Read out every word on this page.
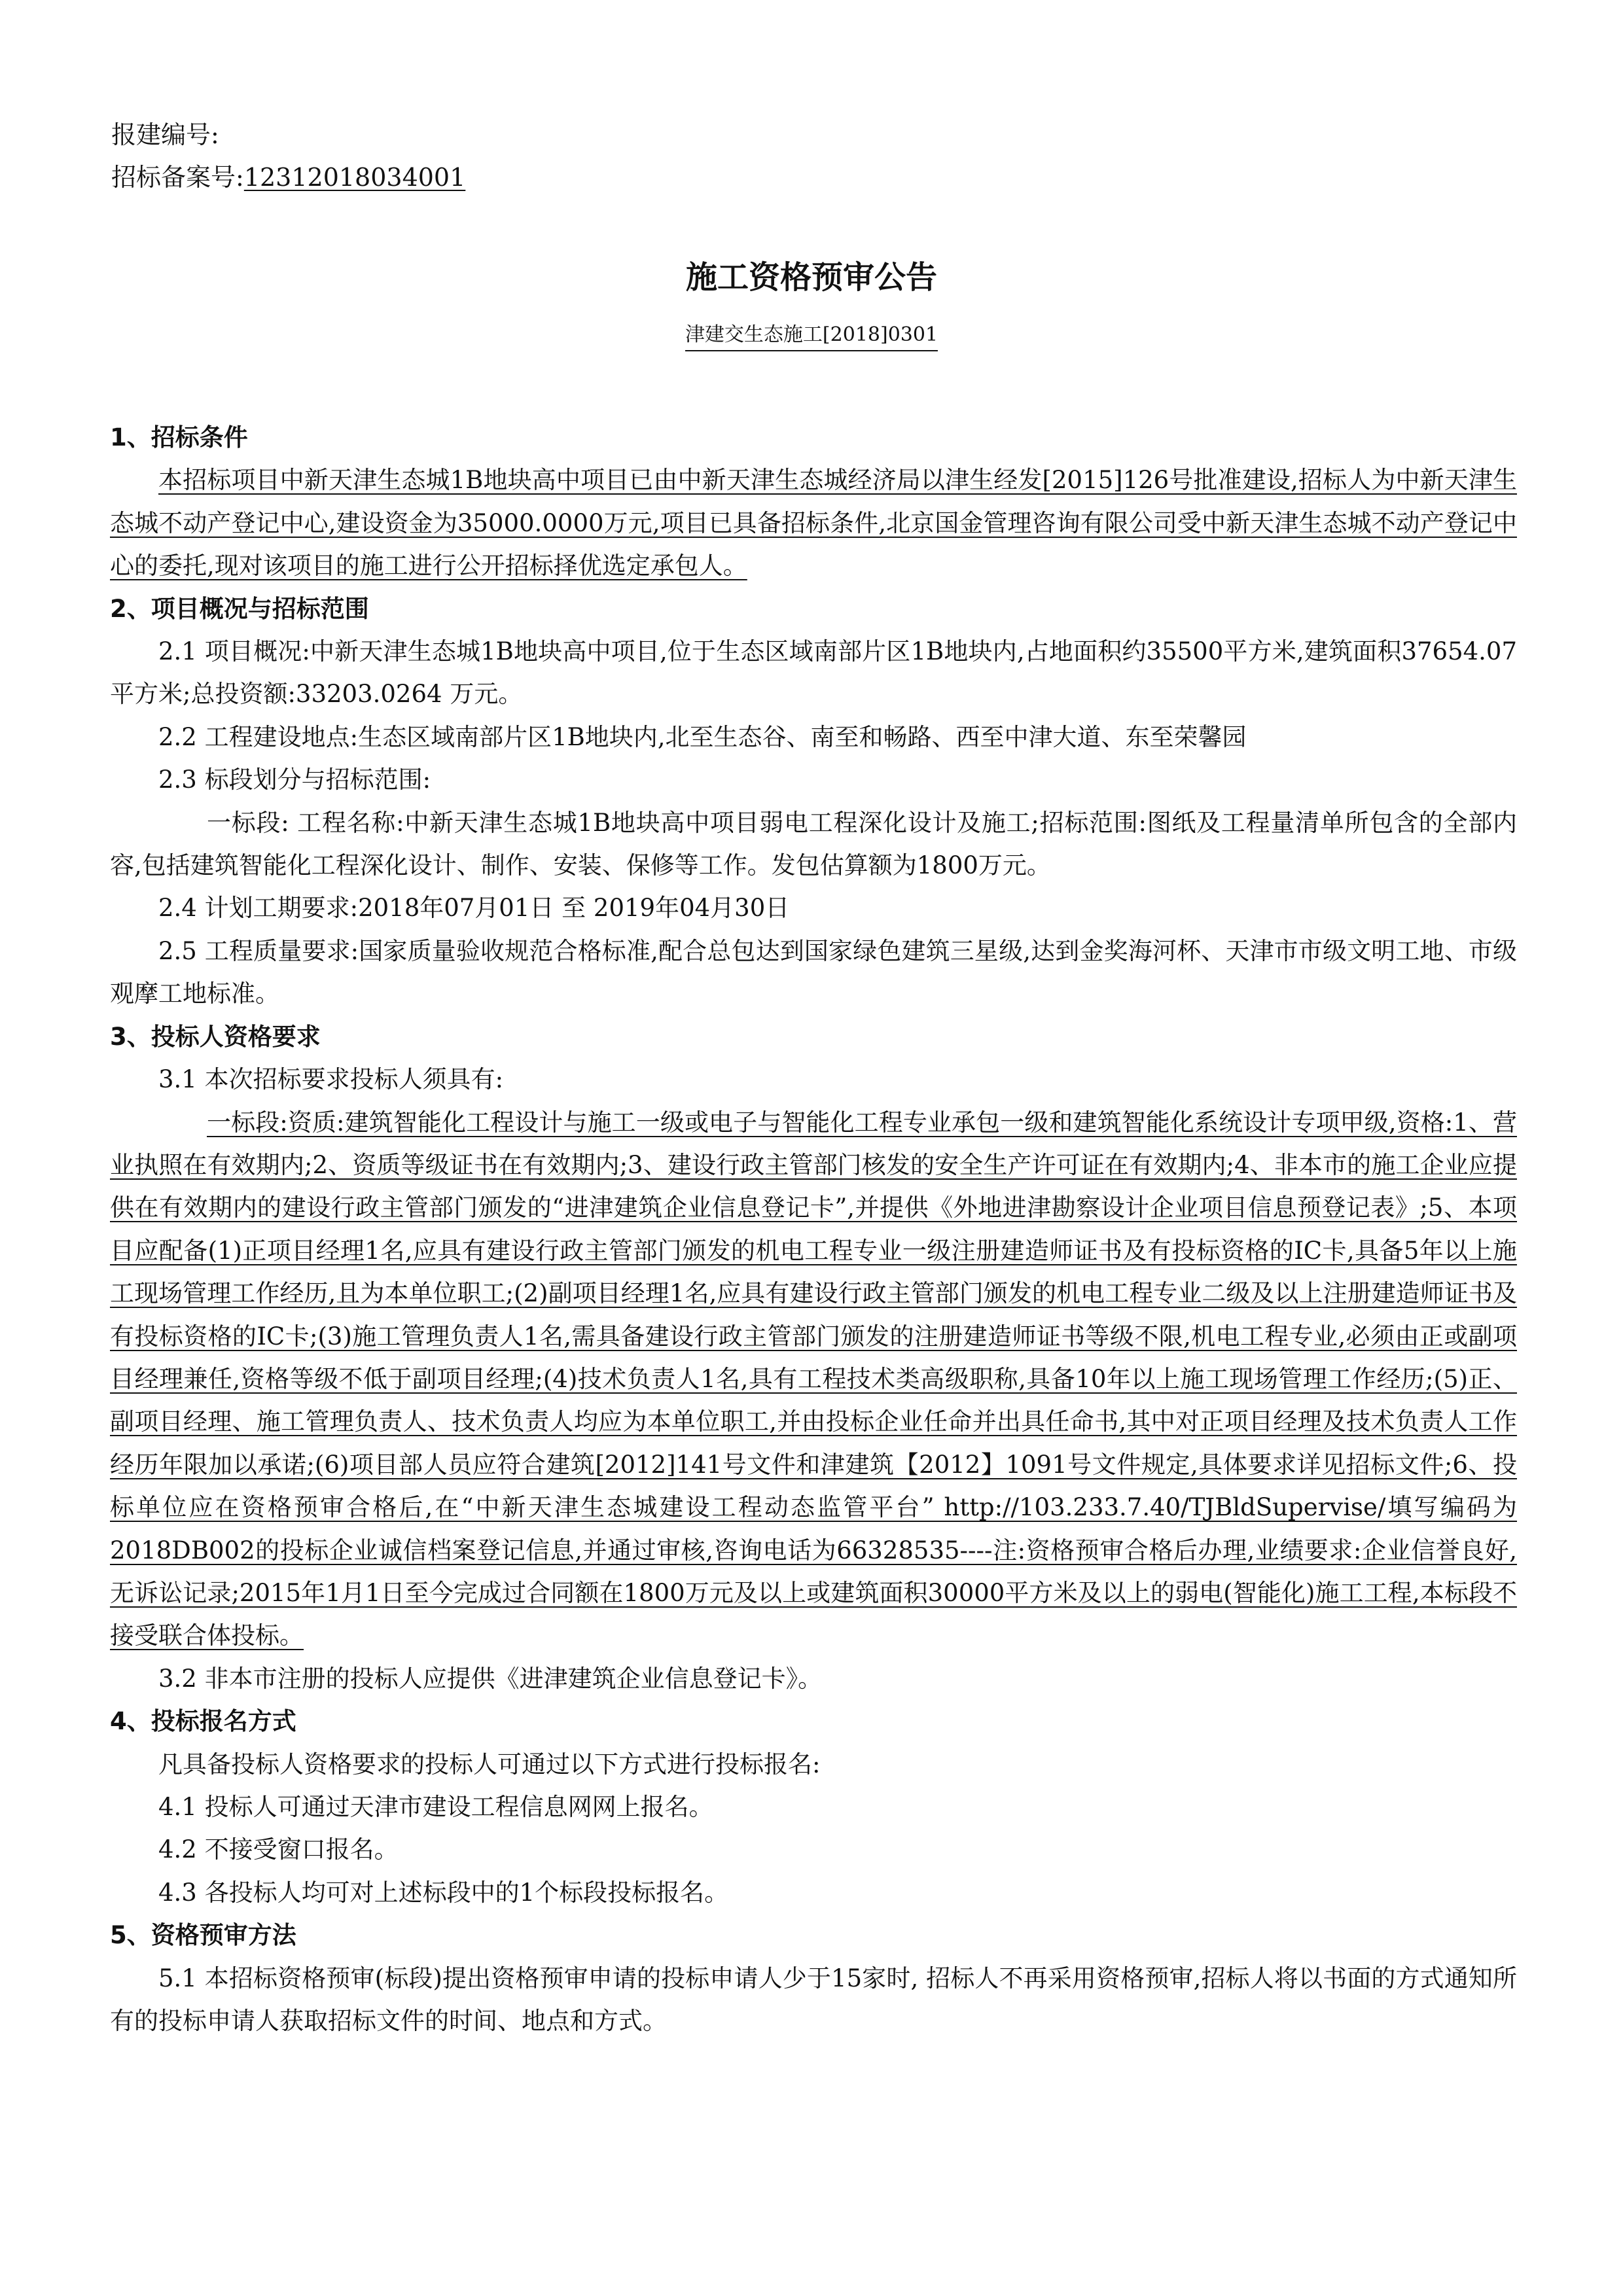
报建编号:
招标备案号:12312018034001
施工资格预审公告
津建交生态施工[2018]0301
1、招标条件
本招标项目中新天津生态城1B地块高中项目已由中新天津生态城经济局以津生经发[2015]126号批准建设,招标人为中新天津生态城不动产登记中心,建设资金为35000.0000万元,项目已具备招标条件,北京国金管理咨询有限公司受中新天津生态城不动产登记中心的委托,现对该项目的施工进行公开招标择优选定承包人。
2、项目概况与招标范围
2.1 项目概况:中新天津生态城1B地块高中项目,位于生态区域南部片区1B地块内,占地面积约35500平方米,建筑面积37654.07平方米;总投资额:33203.0264 万元。
2.2 工程建设地点:生态区域南部片区1B地块内,北至生态谷、南至和畅路、西至中津大道、东至荣馨园
2.3 标段划分与招标范围:
一标段: 工程名称:中新天津生态城1B地块高中项目弱电工程深化设计及施工;招标范围:图纸及工程量清单所包含的全部内容,包括建筑智能化工程深化设计、制作、安装、保修等工作。发包估算额为1800万元。
2.4 计划工期要求:2018年07月01日 至 2019年04月30日
2.5 工程质量要求:国家质量验收规范合格标准,配合总包达到国家绿色建筑三星级,达到金奖海河杯、天津市市级文明工地、市级观摩工地标准。
3、投标人资格要求
3.1 本次招标要求投标人须具有:
一标段:资质:建筑智能化工程设计与施工一级或电子与智能化工程专业承包一级和建筑智能化系统设计专项甲级,资格:1、营业执照在有效期内;2、资质等级证书在有效期内;3、建设行政主管部门核发的安全生产许可证在有效期内;4、非本市的施工企业应提供在有效期内的建设行政主管部门颁发的“进津建筑企业信息登记卡”,并提供《外地进津勘察设计企业项目信息预登记表》;5、本项目应配备(1)正项目经理1名,应具有建设行政主管部门颁发的机电工程专业一级注册建造师证书及有投标资格的IC卡,具备5年以上施工现场管理工作经历,且为本单位职工;(2)副项目经理1名,应具有建设行政主管部门颁发的机电工程专业二级及以上注册建造师证书及有投标资格的IC卡;(3)施工管理负责人1名,需具备建设行政主管部门颁发的注册建造师证书等级不限,机电工程专业,必须由正或副项目经理兼任,资格等级不低于副项目经理;(4)技术负责人1名,具有工程技术类高级职称,具备10年以上施工现场管理工作经历;(5)正、副项目经理、施工管理负责人、技术负责人均应为本单位职工,并由投标企业任命并出具任命书,其中对正项目经理及技术负责人工作经历年限加以承诺;(6)项目部人员应符合建筑[2012]141号文件和津建筑【2012】1091号文件规定,具体要求详见招标文件;6、投标单位应在资格预审合格后,在“中新天津生态城建设工程动态监管平台” http://103.233.7.40/TJBldSupervise/填写编码为2018DB002的投标企业诚信档案登记信息,并通过审核,咨询电话为66328535----注:资格预审合格后办理,业绩要求:企业信誉良好,无诉讼记录;2015年1月1日至今完成过合同额在1800万元及以上或建筑面积30000平方米及以上的弱电(智能化)施工工程,本标段不接受联合体投标。
3.2 非本市注册的投标人应提供《进津建筑企业信息登记卡》。
4、投标报名方式
凡具备投标人资格要求的投标人可通过以下方式进行投标报名:
4.1 投标人可通过天津市建设工程信息网网上报名。
4.2 不接受窗口报名。
4.3 各投标人均可对上述标段中的1个标段投标报名。
5、资格预审方法
5.1 本招标资格预审(标段)提出资格预审申请的投标申请人少于15家时, 招标人不再采用资格预审,招标人将以书面的方式通知所有的投标申请人获取招标文件的时间、地点和方式。
